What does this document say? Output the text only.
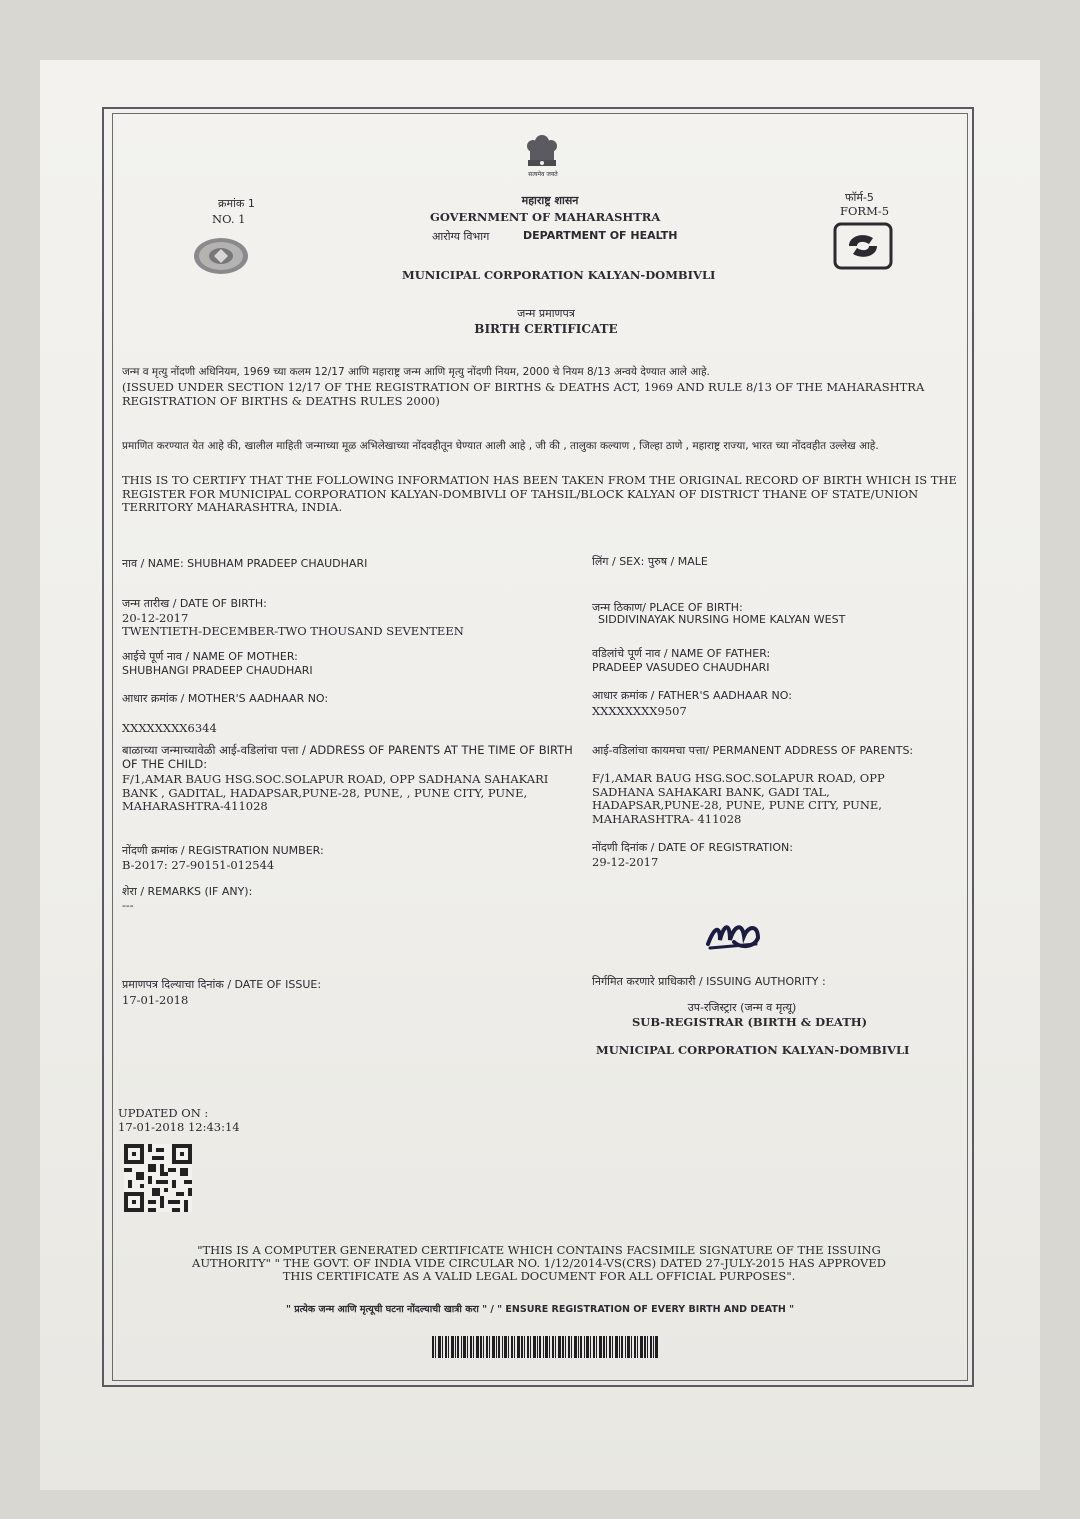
सत्यमेव जयते
क्रमांक 1
NO. 1
महाराष्ट्र शासन
GOVERNMENT OF MAHARASHTRA
आरोग्य विभाग	DEPARTMENT OF HEALTH
फॉर्म-5
FORM-5
MUNICIPAL CORPORATION KALYAN-DOMBIVLI
जन्म प्रमाणपत्र
BIRTH CERTIFICATE
जन्म व मृत्यु नोंदणी अधिनियम, 1969 च्या कलम 12/17 आणि महाराष्ट्र जन्म आणि मृत्यु नोंदणी नियम, 2000 चे नियम 8/13 अन्वये देण्यात आले आहे.
(ISSUED UNDER SECTION 12/17 OF THE REGISTRATION OF BIRTHS & DEATHS ACT, 1969 AND RULE 8/13 OF THE MAHARASHTRA REGISTRATION OF BIRTHS & DEATHS RULES 2000)
प्रमाणित करण्यात येत आहे की, खालील माहिती जन्माच्या मूळ अभिलेखाच्या नोंदवहीतून घेण्यात आली आहे , जी की , तालुका कल्याण , जिल्हा ठाणे , महाराष्ट्र राज्या, भारत च्या नोंदवहीत उल्लेख आहे.
THIS IS TO CERTIFY THAT THE FOLLOWING INFORMATION HAS BEEN TAKEN FROM THE ORIGINAL RECORD OF BIRTH WHICH IS THE REGISTER FOR MUNICIPAL CORPORATION KALYAN-DOMBIVLI OF TAHSIL/BLOCK KALYAN OF DISTRICT THANE OF STATE/UNION TERRITORY MAHARASHTRA, INDIA.
नाव / NAME: SHUBHAM PRADEEP CHAUDHARI	लिंग / SEX: पुरुष / MALE
जन्म तारीख / DATE OF BIRTH:
20-12-2017
TWENTIETH-DECEMBER-TWO THOUSAND SEVENTEEN
जन्म ठिकाण/ PLACE OF BIRTH:
SIDDIVINAYAK NURSING HOME KALYAN WEST
आईचे पूर्ण नाव / NAME OF MOTHER:
SHUBHANGI PRADEEP CHAUDHARI
वडिलांचे पूर्ण नाव / NAME OF FATHER:
PRADEEP VASUDEO CHAUDHARI
आधार क्रमांक / MOTHER'S AADHAAR NO:
XXXXXXXX6344
आधार क्रमांक / FATHER'S AADHAAR NO:
XXXXXXXX9507
बाळाच्या जन्माच्यावेळी आई-वडिलांचा पत्ता / ADDRESS OF PARENTS AT THE TIME OF BIRTH OF THE CHILD:
F/1,AMAR BAUG HSG.SOC.SOLAPUR ROAD, OPP SADHANA SAHAKARI BANK , GADITAL, HADAPSAR,PUNE-28, PUNE, , PUNE CITY, PUNE, MAHARASHTRA-411028
आई-वडिलांचा कायमचा पत्ता/ PERMANENT ADDRESS OF PARENTS:
F/1,AMAR BAUG HSG.SOC.SOLAPUR ROAD, OPP SADHANA SAHAKARI BANK, GADI TAL, HADAPSAR,PUNE-28, PUNE, PUNE CITY, PUNE, MAHARASHTRA- 411028
नोंदणी क्रमांक / REGISTRATION NUMBER:
B-2017: 27-90151-012544
नोंदणी दिनांक / DATE OF REGISTRATION:
29-12-2017
शेरा / REMARKS (IF ANY):
---
प्रमाणपत्र दिल्याचा दिनांक / DATE OF ISSUE:
17-01-2018
निर्गमित करणारे प्राधिकारी / ISSUING AUTHORITY :
उप-रजिस्ट्रार (जन्म व मृत्यू)
SUB-REGISTRAR (BIRTH & DEATH)
MUNICIPAL CORPORATION KALYAN-DOMBIVLI
UPDATED ON :
17-01-2018 12:43:14
"THIS IS A COMPUTER GENERATED CERTIFICATE WHICH CONTAINS FACSIMILE SIGNATURE OF THE ISSUING AUTHORITY" " THE GOVT. OF INDIA VIDE CIRCULAR NO. 1/12/2014-VS(CRS) DATED 27-JULY-2015 HAS APPROVED THIS CERTIFICATE AS A VALID LEGAL DOCUMENT FOR ALL OFFICIAL PURPOSES".
" प्रत्येक जन्म आणि मृत्यूची घटना नोंदल्याची खात्री करा " / " ENSURE REGISTRATION OF EVERY BIRTH AND DEATH "
